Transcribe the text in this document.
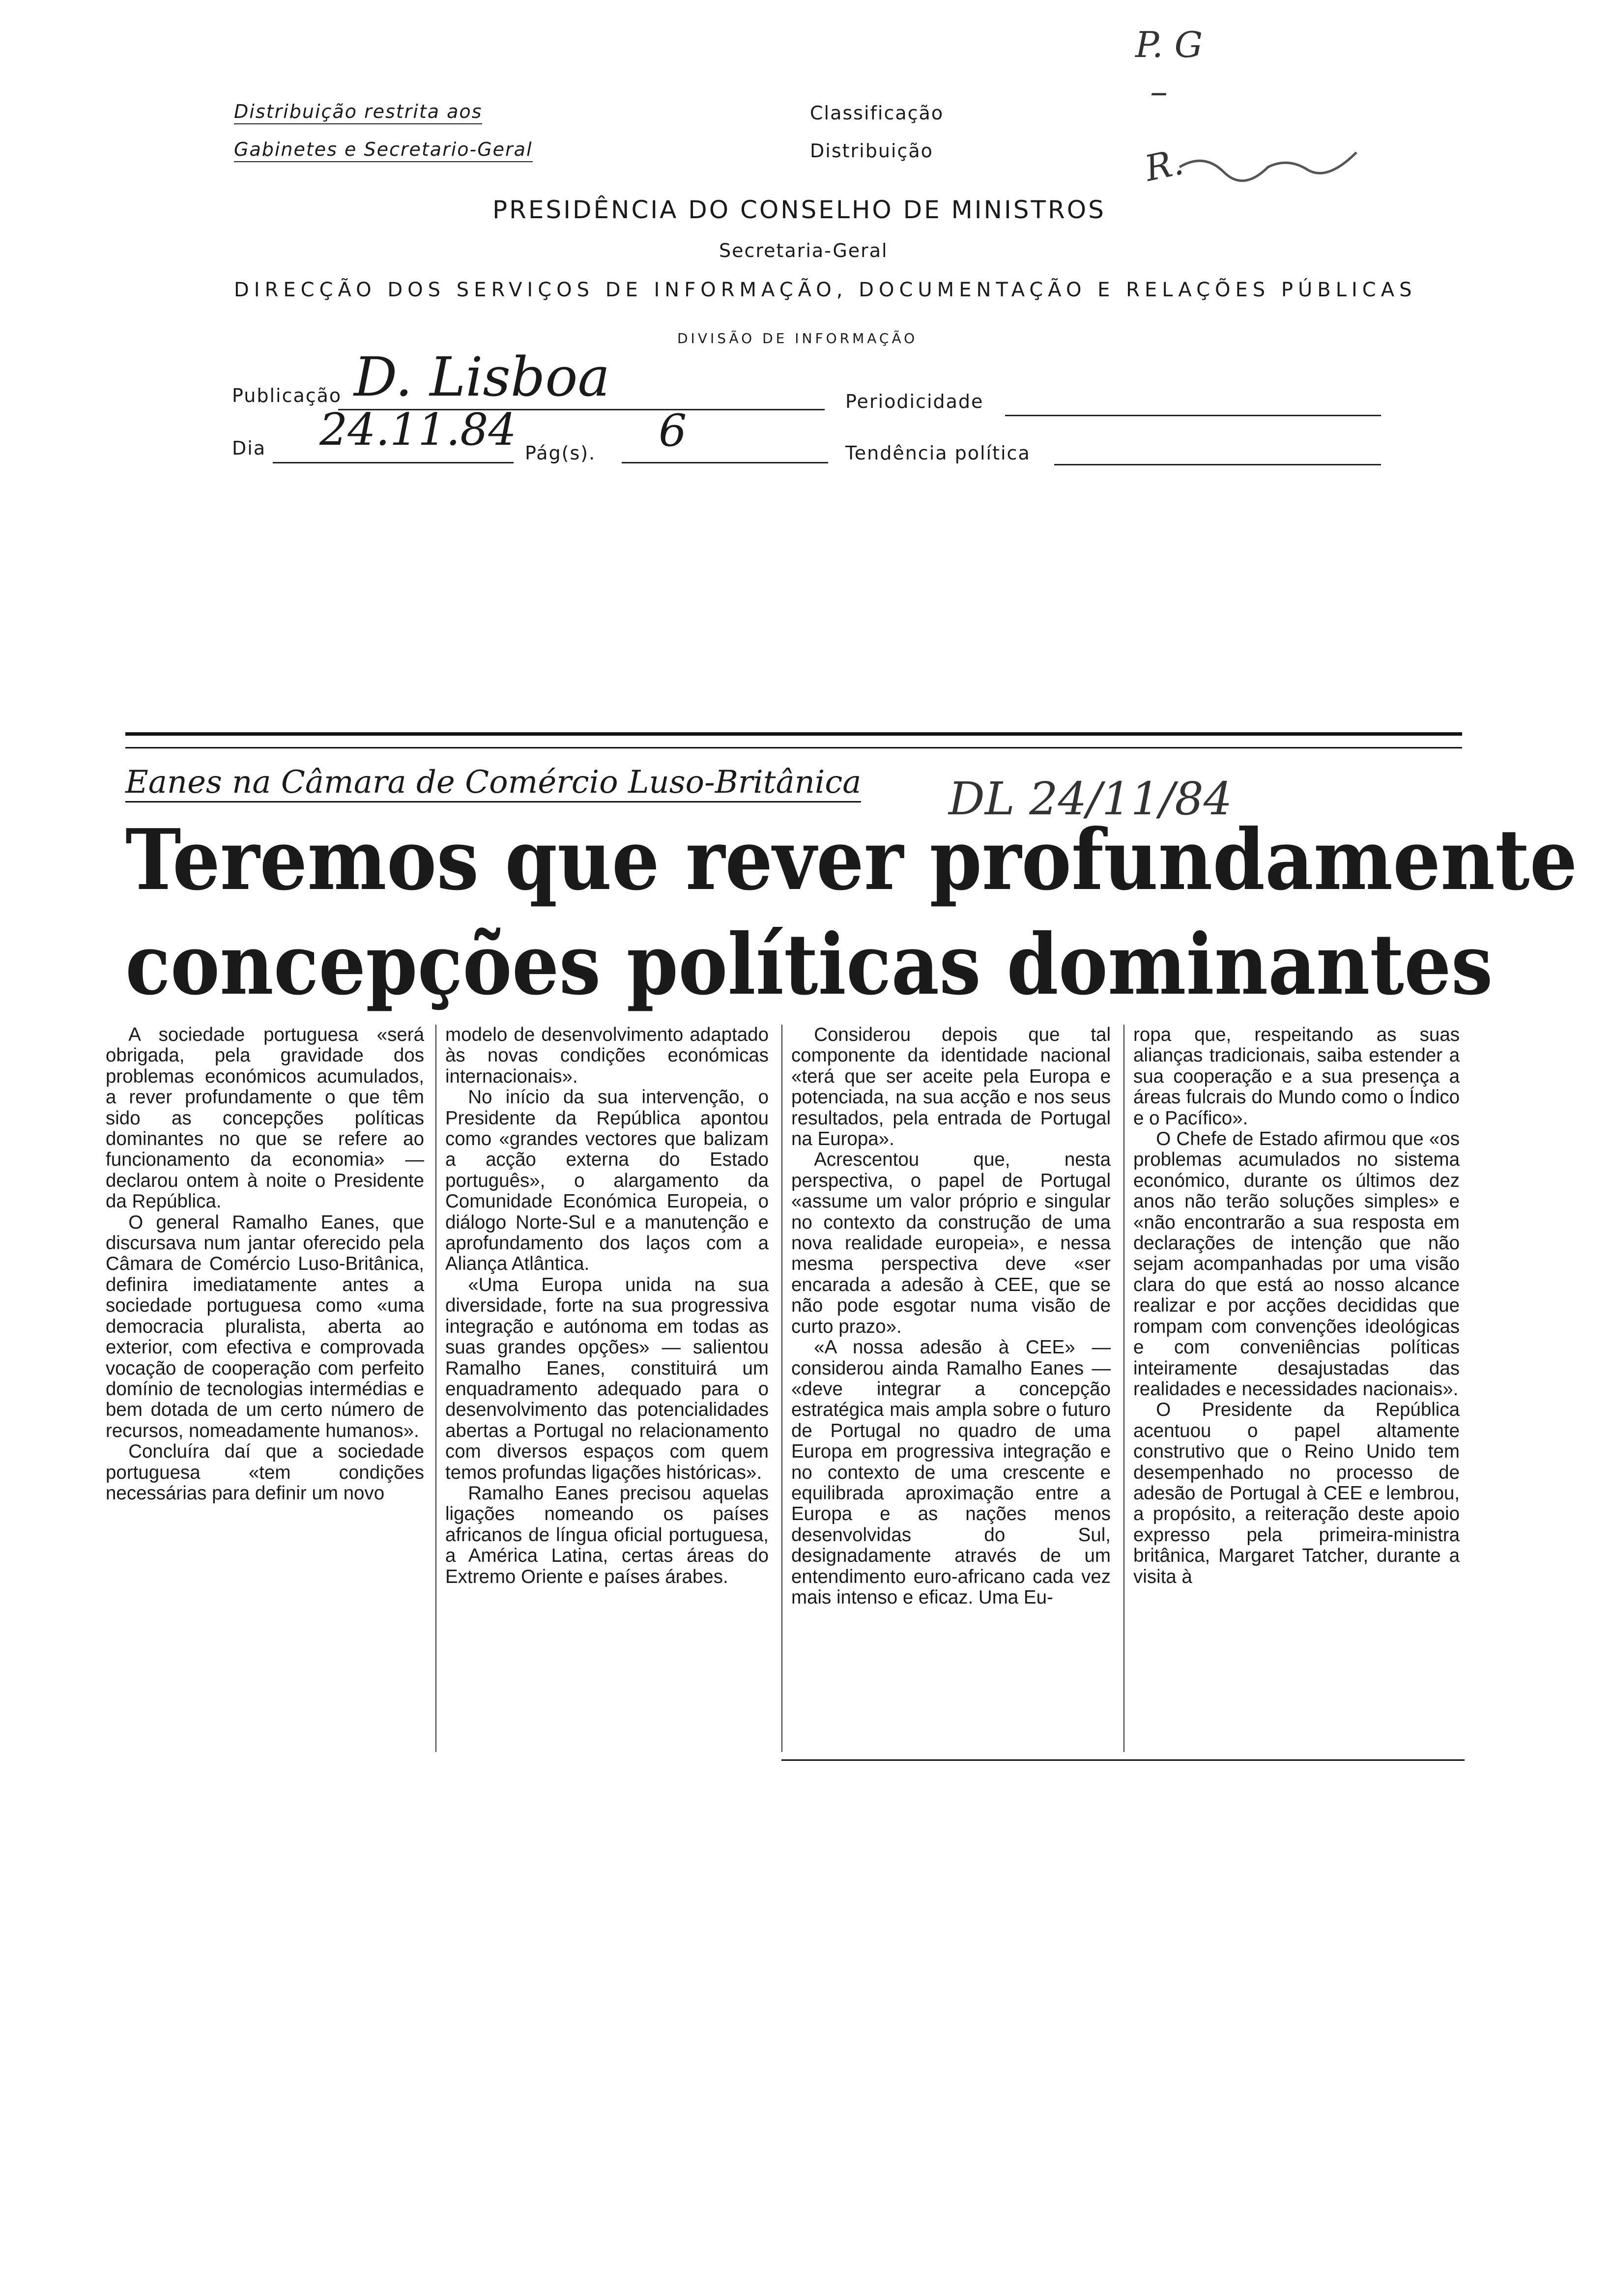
Distribuição restrita aos
Gabinetes e Secretario-Geral
Classificação
Distribuição
P. G
–
R.
PRESIDÊNCIA DO CONSELHO DE MINISTROS
Secretaria-Geral
DIRECÇÃO DOS SERVIÇOS DE INFORMAÇÃO, DOCUMENTAÇÃO E RELAÇÕES PÚBLICAS
DIVISÃO DE INFORMAÇÃO
Publicação D. Lisboa	Periodicidade
Dia 24.11.84 Pág(s). 6	Tendência política
Eanes na Câmara de Comércio Luso-Britânica DL 24/11/84
Teremos que rever profundamente
concepções políticas dominantes

A sociedade portuguesa «será obrigada, pela gravidade dos problemas económicos acumulados, a rever profundamente o que têm sido as concepções políticas dominantes no que se refere ao funcionamento da economia» — declarou ontem à noite o Presidente da República.

O general Ramalho Eanes, que discursava num jantar oferecido pela Câmara de Comércio Luso-Britânica, definira imediatamente antes a sociedade portuguesa como «uma democracia pluralista, aberta ao exterior, com efectiva e comprovada vocação de cooperação com perfeito domínio de tecnologias intermédias e bem dotada de um certo número de recursos, nomeadamente humanos».

Concluíra daí que a sociedade portuguesa «tem condições necessárias para definir um novo

modelo de desenvolvimento adaptado às novas condições económicas internacionais».

No início da sua intervenção, o Presidente da República apontou como «grandes vectores que balizam a acção externa do Estado português», o alargamento da Comunidade Económica Europeia, o diálogo Norte-Sul e a manutenção e aprofundamento dos laços com a Aliança Atlântica.

«Uma Europa unida na sua diversidade, forte na sua progressiva integração e autónoma em todas as suas grandes opções» — salientou Ramalho Eanes, constituirá um enquadramento adequado para o desenvolvimento das potencialidades abertas a Portugal no relacionamento com diversos espaços com quem temos profundas ligações históricas».

Ramalho Eanes precisou aquelas ligações nomeando os países africanos de língua oficial portuguesa, a América Latina, certas áreas do Extremo Oriente e países árabes.

Considerou depois que tal componente da identidade nacional «terá que ser aceite pela Europa e potenciada, na sua acção e nos seus resultados, pela entrada de Portugal na Europa».

Acrescentou que, nesta perspectiva, o papel de Portugal «assume um valor próprio e singular no contexto da construção de uma nova realidade europeia», e nessa mesma perspectiva deve «ser encarada a adesão à CEE, que se não pode esgotar numa visão de curto prazo».

«A nossa adesão à CEE» — considerou ainda Ramalho Eanes — «deve integrar a concepção estratégica mais ampla sobre o futuro de Portugal no quadro de uma Europa em progressiva integração e no contexto de uma crescente e equilibrada aproximação entre a Europa e as nações menos desenvolvidas do Sul, designadamente através de um entendimento euro-africano cada vez mais intenso e eficaz. Uma Eu-

ropa que, respeitando as suas alianças tradicionais, saiba estender a sua cooperação e a sua presença a áreas fulcrais do Mundo como o Índico e o Pacífico».

O Chefe de Estado afirmou que «os problemas acumulados no sistema económico, durante os últimos dez anos não terão soluções simples» e «não encontrarão a sua resposta em declarações de intenção que não sejam acompanhadas por uma visão clara do que está ao nosso alcance realizar e por acções decididas que rompam com convenções ideológicas e com conveniências políticas inteiramente desajustadas das realidades e necessidades nacionais».

O Presidente da República acentuou o papel altamente construtivo que o Reino Unido tem desempenhado no processo de adesão de Portugal à CEE e lembrou, a propósito, a reiteração deste apoio expresso pela primeira-ministra britânica, Margaret Tatcher, durante a visita à
